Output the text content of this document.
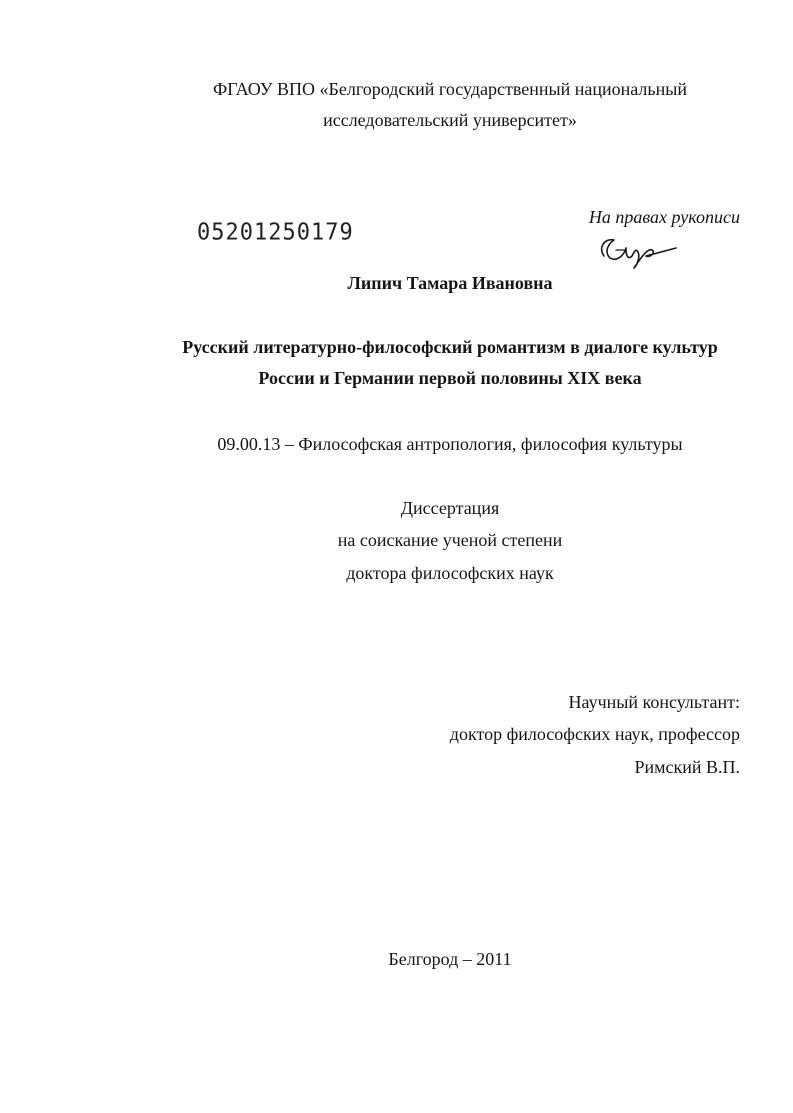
ФГАОУ ВПО «Белгородский государственный национальный
исследовательский университет»
05201250179
На правах рукописи
Липич Тамара Ивановна
Русский литературно-философский романтизм в диалоге культур
России и Германии первой половины XIX века
09.00.13 – Философская антропология, философия культуры
Диссертация
на соискание ученой степени
доктора философских наук
Научный консультант:
доктор философских наук, профессор
Римский В.П.
Белгород – 2011
